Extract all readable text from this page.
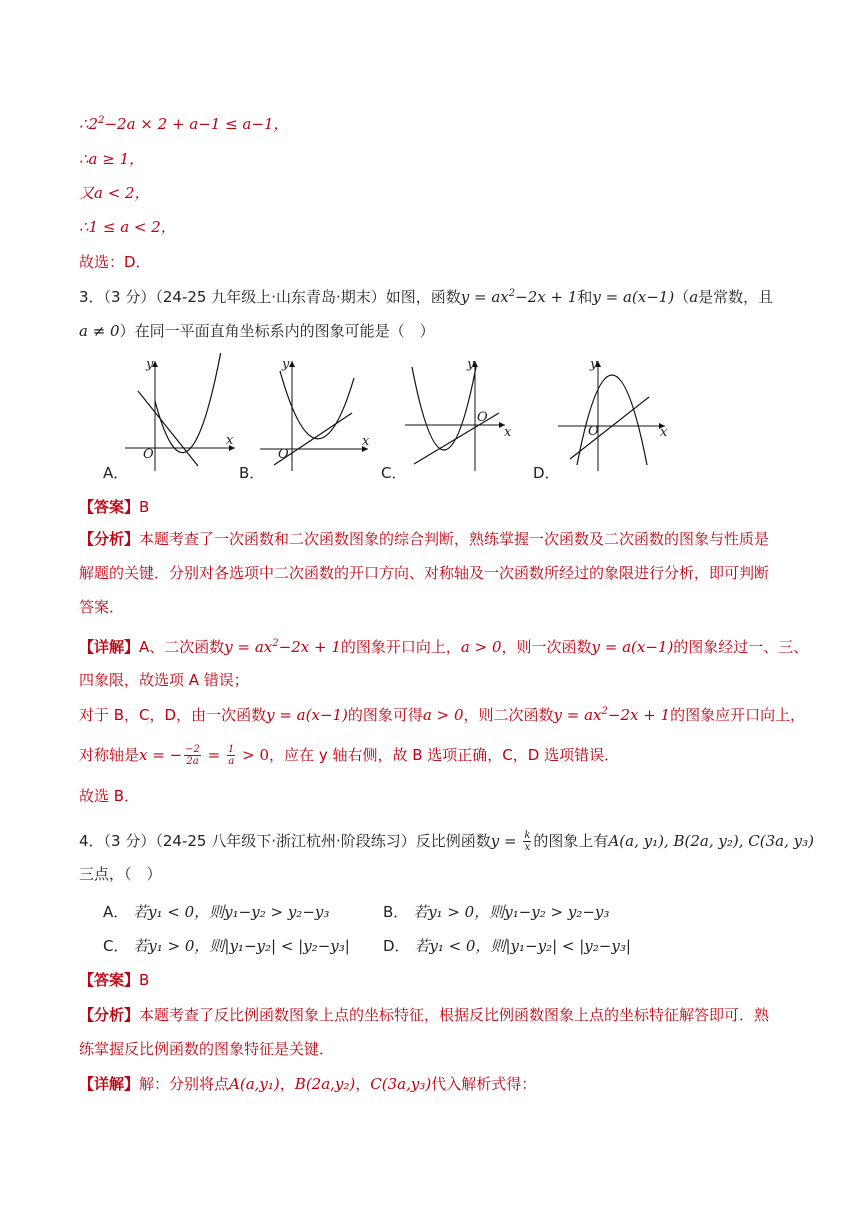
$\therefore 2^2-2a \times 2 + a-1 \le a-1$，
∴a ≥ 1，
又a < 2，
∴1 ≤ a < 2，
故选：D．
3．（3 分）（24-25 九年级上·山东青岛·期末）如图，函数$y = ax^2-2x + 1$和y = a(x−1)（a是常数，且
a ≠ 0）在同一平面直角坐标系内的图象可能是（　）
y
x
O
A．
y
x
O
B．
y
x
O
C．
y
x
O
D．
【答案】B
【分析】本题考查了一次函数和二次函数图象的综合判断，熟练掌握一次函数及二次函数的图象与性质是
解题的关键．分别对各选项中二次函数的开口方向、对称轴及一次函数所经过的象限进行分析，即可判断
答案．
【详解】A、二次函数$y = ax^2-2x + 1$的图象开口向上，a > 0，则一次函数y = a(x−1)的图象经过一、三、
四象限，故选项 A 错误；
对于 B，C，D，由一次函数y = a(x−1)的图象可得a > 0，则二次函数$y = ax^2-2x + 1$的图象应开口向上，
对称轴是x = − $\frac{-2}{2a} = \frac{1}{a} > 0$，应在 y 轴右侧，故 B 选项正确，C，D 选项错误．
故选 B．
4．（3 分）（24-25 八年级下·浙江杭州·阶段练习）反比例函数$y = \frac{k}{x}$ 的图象上有A(a, y₁), B(2a, y₂), C(3a, y₃)
三点，（　）
A． 若y₁ < 0，则y₁−y₂ > y₂−y₃	B． 若y₁ > 0，则y₁−y₂ > y₂−y₃
C． 若y₁ > 0，则|y₁−y₂| < |y₂−y₃| D． 若y₁ < 0，则|y₁−y₂| < |y₂−y₃|
【答案】B
【分析】本题考查了反比例函数图象上点的坐标特征，根据反比例函数图象上点的坐标特征解答即可．熟
练掌握反比例函数的图象特征是关键．
【详解】解：分别将点A(a,y₁)，B(2a,y₂)，C(3a,y₃)代入解析式得：
